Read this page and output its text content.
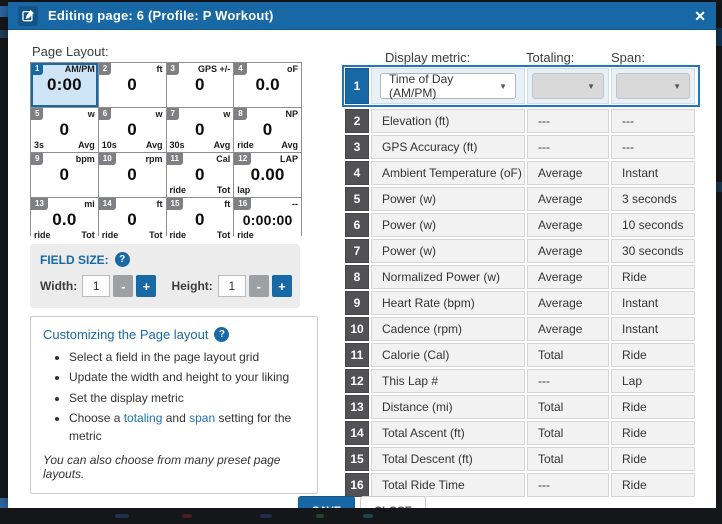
Editing page: 6 (Profile: P Workout)	✕
Page Layout:	Display metric:	Totaling:	Span:
1	AM/PM
0:00
2	ft
0
3	GPS +/-
0
4	oF
0.0
5	w
0
3s	Avg
6	w
0
10s	Avg
7	w
0
30s	Avg
8	NP
0
ride	Avg
9	bpm
0
10	rpm
0
11	Cal
0
ride	Tot
12	LAP
0.00
lap
13	mi
0.0
ride	Tot
14	ft
0
ride	Tot
15	ft
0
ride	Tot
16	--
0:00:00
ride
FIELD SIZE:	?
Width:
1	-	+	Height:
1	-	+
Customizing the Page layout	?
• Select a field in the page layout grid
• Update the width and height to your liking
• Set the display metric
• Choose a totaling and span setting for the metric
You can also choose from many preset page layouts.
1	Time of Day (AM/PM)	▼	▼	▼
2	Elevation (ft)	---	---
3	GPS Accuracy (ft)	---	---
4	Ambient Temperature (oF)	Average	Instant
5	Power (w)	Average	3 seconds
6	Power (w)	Average	10 seconds
7	Power (w)	Average	30 seconds
8	Normalized Power (w)	Average	Ride
9	Heart Rate (bpm)	Average	Instant
10	Cadence (rpm)	Average	Instant
11	Calorie (Cal)	Total	Ride
12	This Lap #	---	Lap
13	Distance (mi)	Total	Ride
14	Total Ascent (ft)	Total	Ride
15	Total Descent (ft)	Total	Ride
16	Total Ride Time	---	Ride
